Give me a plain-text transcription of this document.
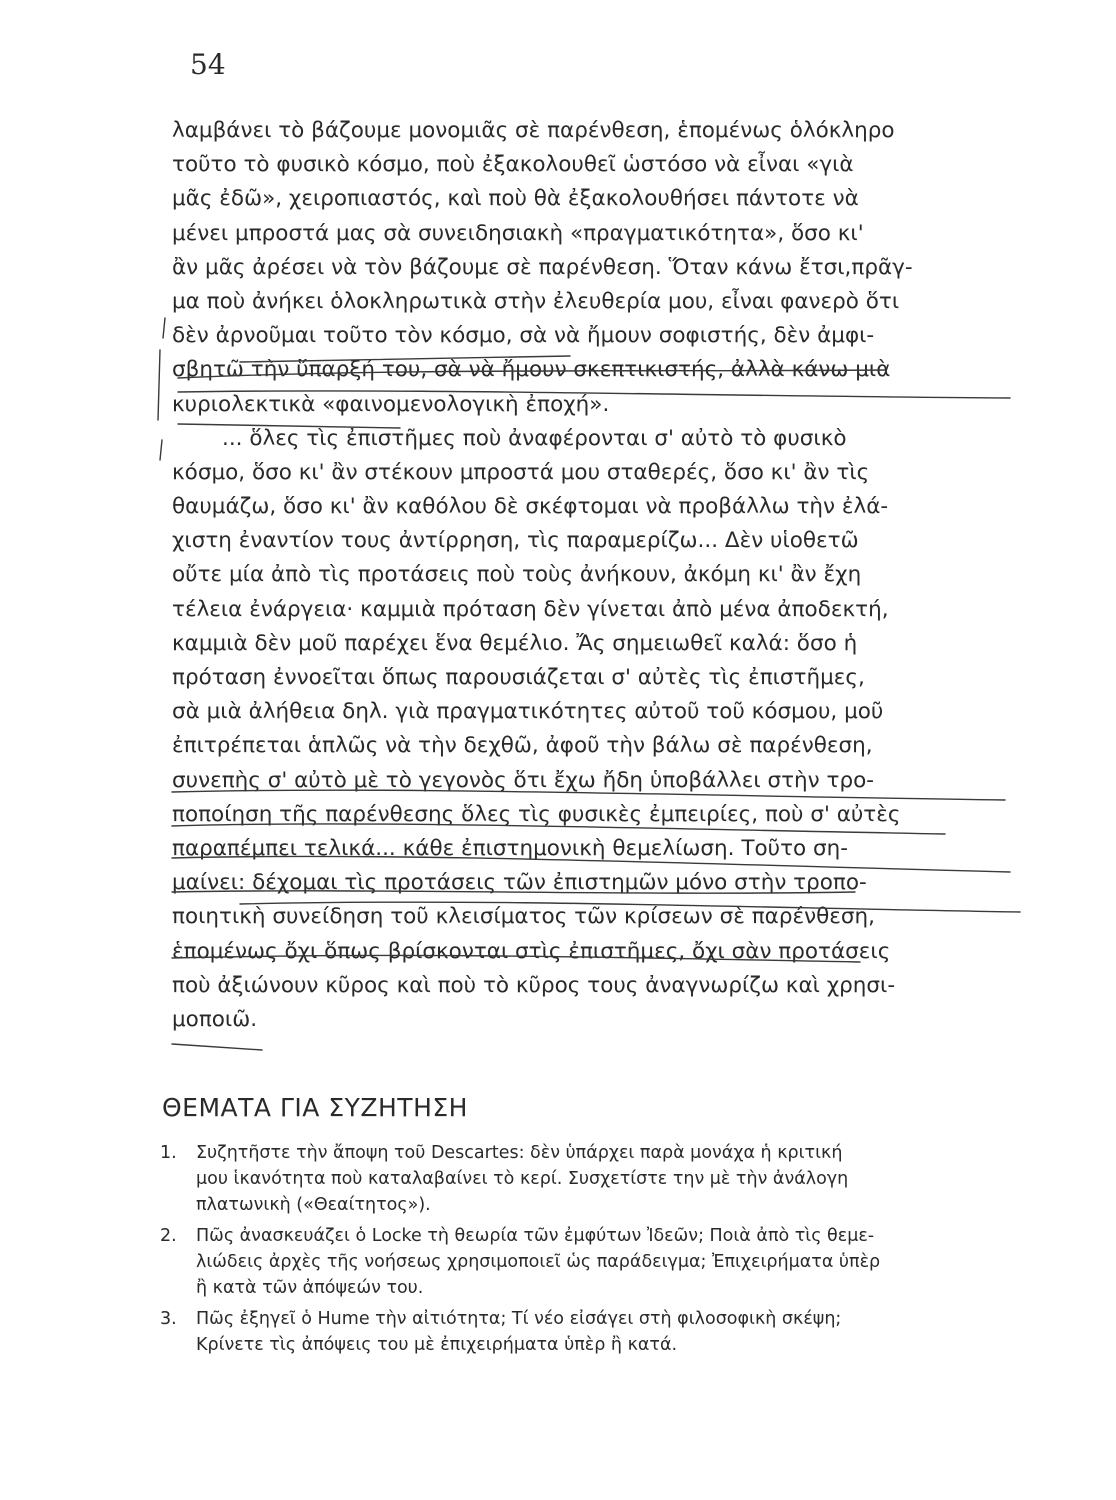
54
λαμβάνει τὸ βάζουμε μονομιᾶς σὲ παρένθεση, ἑπομένως ὁλόκληρο
τοῦτο τὸ φυσικὸ κόσμο, ποὺ ἐξακολουθεῖ ὡστόσο νὰ εἶναι «γιὰ
μᾶς ἐδῶ», χειροπιαστός, καὶ ποὺ θὰ ἐξακολουθήσει πάντοτε νὰ
μένει μπροστά μας σὰ συνειδησιακὴ «πραγματικότητα», ὅσο κι'
ἂν μᾶς ἀρέσει νὰ τὸν βάζουμε σὲ παρένθεση. Ὅταν κάνω ἔτσι,πρᾶγ-
μα ποὺ ἀνήκει ὁλοκληρωτικὰ στὴν ἐλευθερία μου, εἶναι φανερὸ ὅτι
δὲν ἀρνοῦμαι τοῦτο τὸν κόσμο, σὰ νὰ ἤμουν σοφιστής, δὲν ἀμφι-
σβητῶ τὴν ὕπαρξή του, σὰ νὰ ἤμουν σκεπτικιστής, ἀλλὰ κάνω μιὰ
κυριολεκτικὰ «φαινομενολογικὴ ἐποχή».
... ὅλες τὶς ἐπιστῆμες ποὺ ἀναφέρονται σ' αὐτὸ τὸ φυσικὸ
κόσμο, ὅσο κι' ἂν στέκουν μπροστά μου σταθερές, ὅσο κι' ἂν τὶς
θαυμάζω, ὅσο κι' ἂν καθόλου δὲ σκέφτομαι νὰ προβάλλω τὴν ἐλά-
χιστη ἐναντίον τους ἀντίρρηση, τὶς παραμερίζω... Δὲν υἱοθετῶ
οὔτε μία ἀπὸ τὶς προτάσεις ποὺ τοὺς ἀνήκουν, ἀκόμη κι' ἂν ἔχη
τέλεια ἐνάργεια· καμμιὰ πρόταση δὲν γίνεται ἀπὸ μένα ἀποδεκτή,
καμμιὰ δὲν μοῦ παρέχει ἕνα θεμέλιο. Ἄς σημειωθεῖ καλά: ὅσο ἡ
πρόταση ἐννοεῖται ὅπως παρουσιάζεται σ' αὐτὲς τὶς ἐπιστῆμες,
σὰ μιὰ ἀλήθεια δηλ. γιὰ πραγματικότητες αὐτοῦ τοῦ κόσμου, μοῦ
ἐπιτρέπεται ἁπλῶς νὰ τὴν δεχθῶ, ἀφοῦ τὴν βάλω σὲ παρένθεση,
συνεπὴς σ' αὐτὸ μὲ τὸ γεγονὸς ὅτι ἔχω ἤδη ὑποβάλλει στὴν τρο-
ποποίηση τῆς παρένθεσης ὅλες τὶς φυσικὲς ἐμπειρίες, ποὺ σ' αὐτὲς
παραπέμπει τελικά... κάθε ἐπιστημονικὴ θεμελίωση. Τοῦτο ση-
μαίνει: δέχομαι τὶς προτάσεις τῶν ἐπιστημῶν μόνο στὴν τροπο-
ποιητικὴ συνείδηση τοῦ κλεισίματος τῶν κρίσεων σὲ παρένθεση,
ἑπομένως ὄχι ὅπως βρίσκονται στὶς ἐπιστῆμες, ὄχι σὰν προτάσεις
ποὺ ἀξιώνουν κῦρος καὶ ποὺ τὸ κῦρος τους ἀναγνωρίζω καὶ χρησι-
μοποιῶ.
ΘΕΜΑΤΑ ΓΙΑ ΣΥΖΗΤΗΣΗ
1. Συζητῆστε τὴν ἄποψη τοῦ Descartes: δὲν ὑπάρχει παρὰ μονάχα ἡ κριτική
μου ἱκανότητα ποὺ καταλαβαίνει τὸ κερί. Συσχετίστε την μὲ τὴν ἀνάλογη
πλατωνικὴ («Θεαίτητος»).
2. Πῶς ἀνασκευάζει ὁ Locke τὴ θεωρία τῶν ἐμφύτων Ἰδεῶν; Ποιὰ ἀπὸ τὶς θεμε-
λιώδεις ἀρχὲς τῆς νοήσεως χρησιμοποιεῖ ὡς παράδειγμα; Ἐπιχειρήματα ὑπὲρ
ἢ κατὰ τῶν ἀπόψεών του.
3. Πῶς ἐξηγεῖ ὁ Hume τὴν αἰτιότητα; Τί νέο εἰσάγει στὴ φιλοσοφικὴ σκέψη;
Κρίνετε τὶς ἀπόψεις του μὲ ἐπιχειρήματα ὑπὲρ ἢ κατά.
